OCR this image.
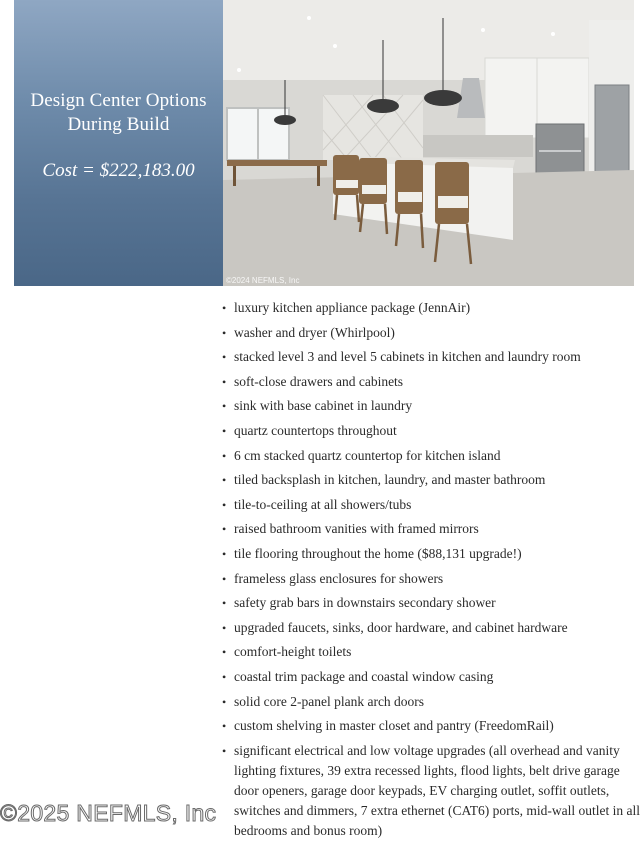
Design Center Options
During Build
Cost = $222,183.00
©2024 NEFMLS, Inc
• luxury kitchen appliance package (JennAir)
• washer and dryer (Whirlpool)
• stacked level 3 and level 5 cabinets in kitchen and laundry room
• soft-close drawers and cabinets
• sink with base cabinet in laundry
• quartz countertops throughout
• 6 cm stacked quartz countertop for kitchen island
• tiled backsplash in kitchen, laundry, and master bathroom
• tile-to-ceiling at all showers/tubs
• raised bathroom vanities with framed mirrors
• tile flooring throughout the home ($88,131 upgrade!)
• frameless glass enclosures for showers
• safety grab bars in downstairs secondary shower
• upgraded faucets, sinks, door hardware, and cabinet hardware
• comfort-height toilets
• coastal trim package and coastal window casing
• solid core 2-panel plank arch doors
• custom shelving in master closet and pantry (FreedomRail)
• significant electrical and low voltage upgrades (all overhead and vanity lighting fixtures, 39 extra recessed lights, flood lights, belt drive garage door openers, garage door keypads, EV charging outlet, soffit outlets, switches and dimmers, 7 extra ethernet (CAT6) ports, mid-wall outlet in all bedrooms and bonus room)
©2025 NEFMLS, Inc
